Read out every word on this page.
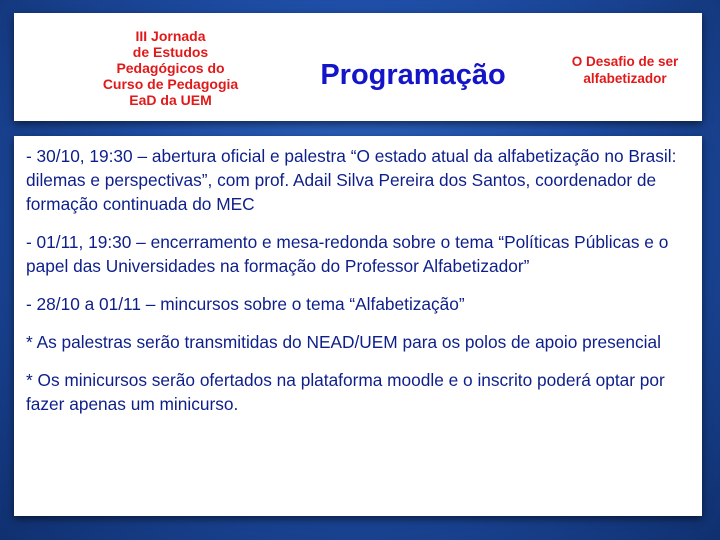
III Jornada
de Estudos
Pedagógicos do
Curso de Pedagogia
EaD da UEM
Programação	O Desafio de ser
alfabetizador

- 30/10, 19:30 – abertura oficial e palestra “O estado atual da alfabetização no Brasil: dilemas e perspectivas”, com prof. Adail Silva Pereira dos Santos, coordenador de formação continuada do MEC

- 01/11, 19:30 – encerramento e mesa-redonda sobre o tema “Políticas Públicas e o papel das Universidades na formação do Professor Alfabetizador”

- 28/10 a 01/11 – mincursos sobre o tema “Alfabetização”

* As palestras serão transmitidas do NEAD/UEM para os polos de apoio presencial

* Os minicursos serão ofertados na plataforma moodle e o inscrito poderá optar por fazer apenas um minicurso.
